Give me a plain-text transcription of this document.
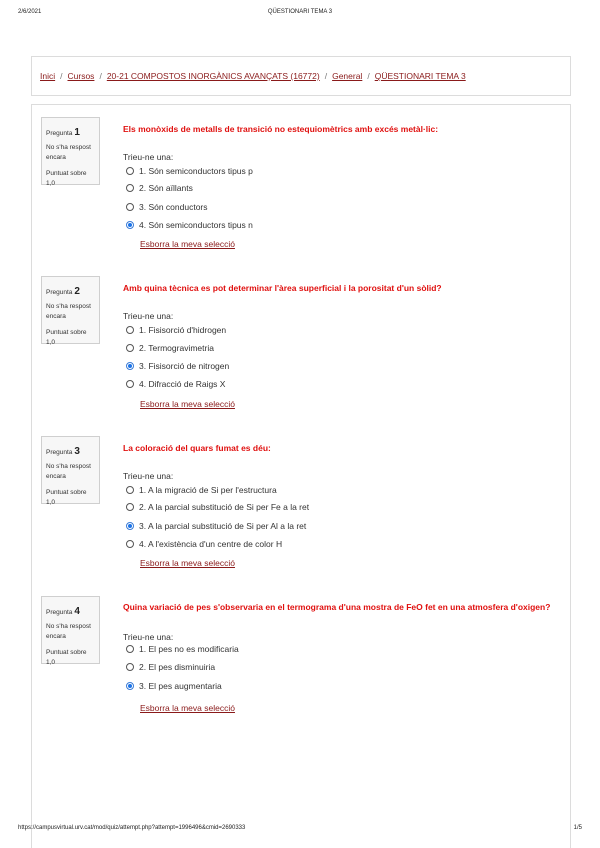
2/6/2021	QÜESTIONARI TEMA 3
Inici / Cursos / 20-21 COMPOSTOS INORGÀNICS AVANÇATS (16772) / General / QÜESTIONARI TEMA 3
Pregunta 1
No s'ha respost encara
Puntuat sobre 1,0
Els monòxids de metalls de transició no estequiomètrics amb excés metàl·lic:
Trieu-ne una:
1. Són semiconductors tipus p
2. Són aïllants
3. Són conductors
4. Són semiconductors tipus n
Esborra la meva selecció
Pregunta 2
No s'ha respost encara
Puntuat sobre 1,0
Amb quina tècnica es pot determinar l'àrea superficial i la porositat d'un sòlid?
Trieu-ne una:
1. Fisisorció d'hidrogen
2. Termogravimetria
3. Fisisorció de nitrogen
4. Difracció de Raigs X
Esborra la meva selecció
Pregunta 3
No s'ha respost encara
Puntuat sobre 1,0
La coloració del quars fumat es déu:
Trieu-ne una:
1. A la migració de Si per l'estructura
2. A la parcial substitució de Si per Fe a la ret
3. A la parcial substitució de Si per Al a la ret
4. A l'existència d'un centre de color H
Esborra la meva selecció
Pregunta 4
No s'ha respost encara
Puntuat sobre 1,0
Quina variació de pes s'observaria en el termograma d'una mostra de FeO fet en una atmosfera d'oxigen?
Trieu-ne una:
1. El pes no es modificaria
2. El pes disminuiria
3. El pes augmentaria
Esborra la meva selecció
https://campusvirtual.urv.cat/mod/quiz/attempt.php?attempt=1996496&cmid=2690333	1/5
